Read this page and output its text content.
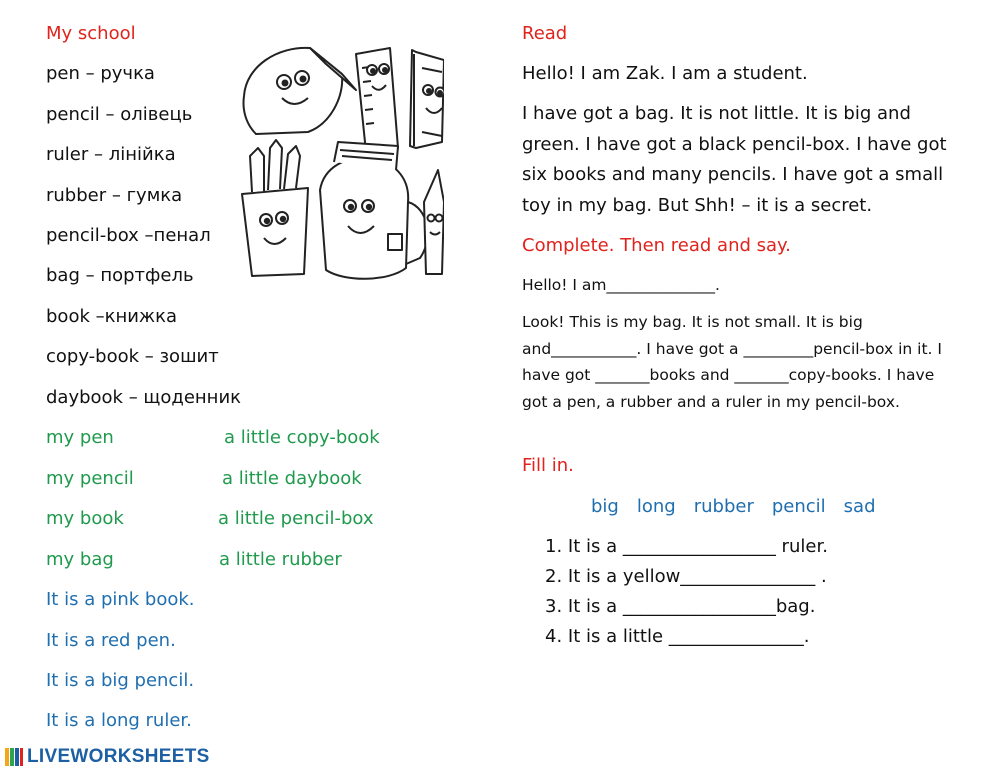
My school
pen – ручка
pencil – олівець
ruler – лінійка
rubber – гумка
pencil-box –пенал
bag – портфель
book –книжка
copy-book – зошит
daybook – щоденник
my pen
my pencil
my book
my bag
a little copy-book
a little daybook
a little pencil-box
a little rubber
It is a pink book.
It is a red pen.
It is a big pencil.
It is a long ruler.
Read
Hello! I am Zak. I am a student.
I have got a bag. It is not little. It is big and green. I have got a black pencil-box. I have got six books and many pencils. I have got a small toy in my bag. But Shh! – it is a secret.
Complete. Then read and say.
Hello! I am______________.
Look! This is my bag. It is not small. It is big and___________. I have got a _________pencil-box in it. I have got _______books and _______copy-books. I have got a pen, a rubber and a ruler in my pencil-box.
Fill in.
big long rubber pencil sad
1. It is a _________________ ruler.
2. It is a yellow_______________ .
3. It is a _________________bag.
4. It is a little _______________.
LIVEWORKSHEETS
